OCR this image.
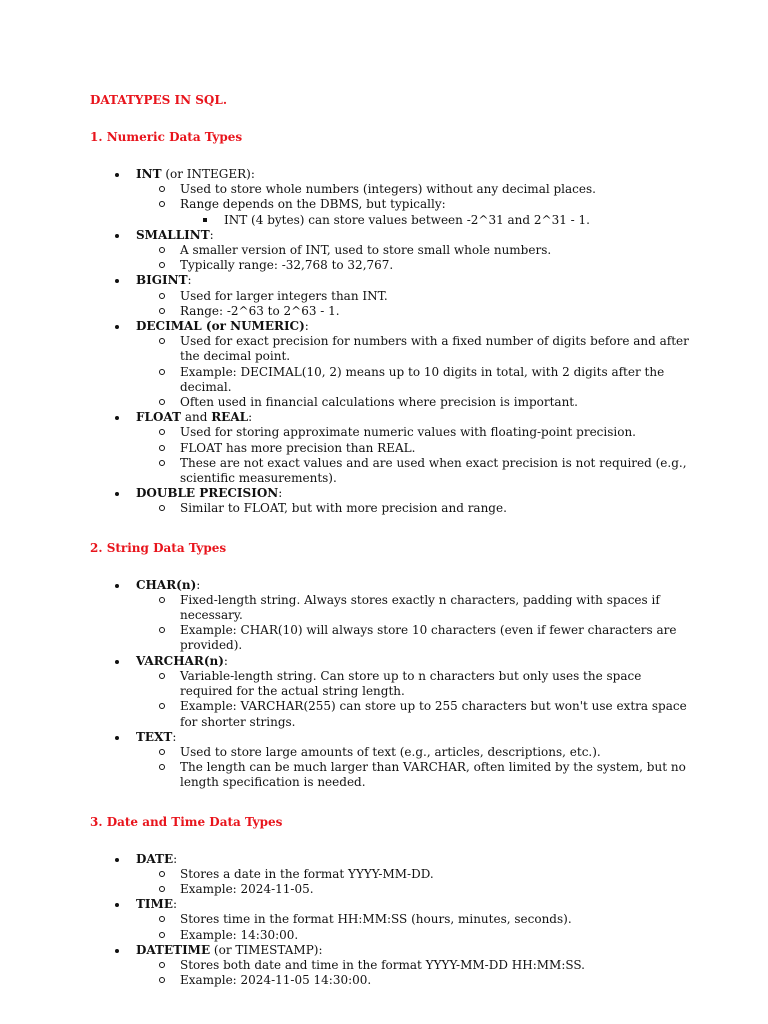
DATATYPES IN SQL.
1. Numeric Data Types
INT (or INTEGER):
Used to store whole numbers (integers) without any decimal places.
Range depends on the DBMS, but typically:
INT (4 bytes) can store values between -2^31 and 2^31 - 1.
SMALLINT:
A smaller version of INT, used to store small whole numbers.
Typically range: -32,768 to 32,767.
BIGINT:
Used for larger integers than INT.
Range: -2^63 to 2^63 - 1.
DECIMAL (or NUMERIC):
Used for exact precision for numbers with a fixed number of digits before and after the decimal point.
Example: DECIMAL(10, 2) means up to 10 digits in total, with 2 digits after the decimal.
Often used in financial calculations where precision is important.
FLOAT and REAL:
Used for storing approximate numeric values with floating-point precision.
FLOAT has more precision than REAL.
These are not exact values and are used when exact precision is not required (e.g., scientific measurements).
DOUBLE PRECISION:
Similar to FLOAT, but with more precision and range.
2. String Data Types
CHAR(n):
Fixed-length string. Always stores exactly n characters, padding with spaces if necessary.
Example: CHAR(10) will always store 10 characters (even if fewer characters are provided).
VARCHAR(n):
Variable-length string. Can store up to n characters but only uses the space required for the actual string length.
Example: VARCHAR(255) can store up to 255 characters but won't use extra space for shorter strings.
TEXT:
Used to store large amounts of text (e.g., articles, descriptions, etc.).
The length can be much larger than VARCHAR, often limited by the system, but no length specification is needed.
3. Date and Time Data Types
DATE:
Stores a date in the format YYYY-MM-DD.
Example: 2024-11-05.
TIME:
Stores time in the format HH:MM:SS (hours, minutes, seconds).
Example: 14:30:00.
DATETIME (or TIMESTAMP):
Stores both date and time in the format YYYY-MM-DD HH:MM:SS.
Example: 2024-11-05 14:30:00.
